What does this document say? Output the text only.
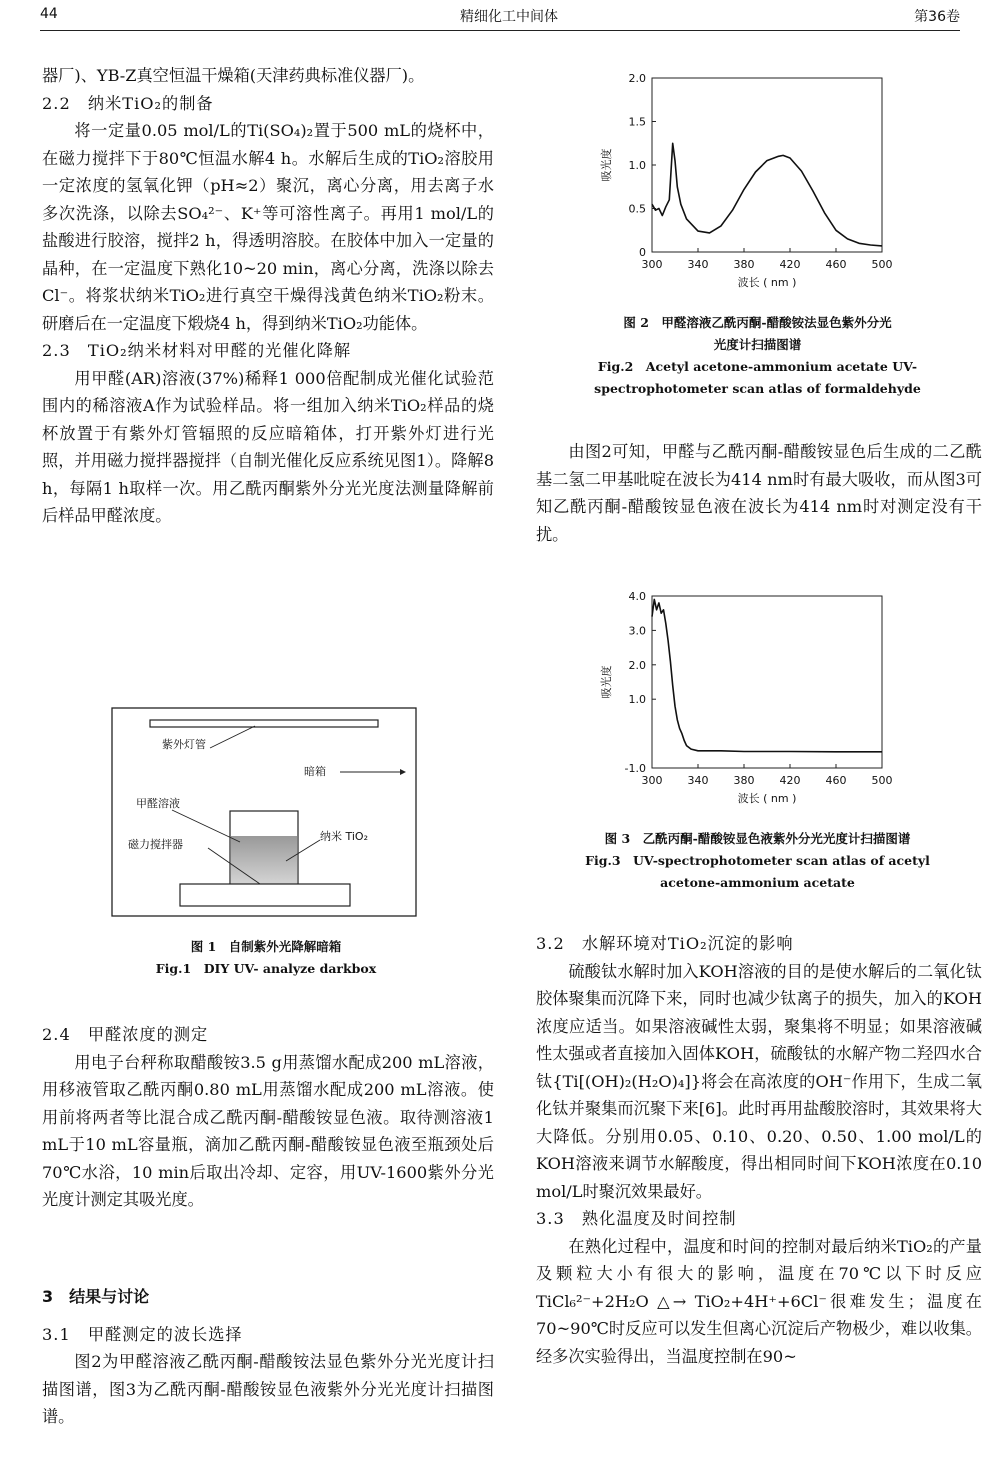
44	精细化工中间体	第36卷

器厂)、YB-Z真空恒温干燥箱(天津药典标准仪器厂)。

2.2　纳米TiO₂的制备

将一定量0.05 mol/L的Ti(SO₄)₂置于500 mL的烧杯中，在磁力搅拌下于80℃恒温水解4 h。水解后生成的TiO₂溶胶用一定浓度的氢氧化钾（pH≈2）聚沉，离心分离，用去离子水多次洗涤，以除去SO₄²⁻、K⁺等可溶性离子。再用1 mol/L的盐酸进行胶溶，搅拌2 h，得透明溶胶。在胶体中加入一定量的晶种，在一定温度下熟化10~20 min，离心分离，洗涤以除去Cl⁻。将浆状纳米TiO₂进行真空干燥得浅黄色纳米TiO₂粉末。研磨后在一定温度下煅烧4 h，得到纳米TiO₂功能体。

2.3　TiO₂纳米材料对甲醛的光催化降解

用甲醛(AR)溶液(37%)稀释1 000倍配制成光催化试验范围内的稀溶液A作为试验样品。将一组加入纳米TiO₂样品的烧杯放置于有紫外灯管辐照的反应暗箱体，打开紫外灯进行光照，并用磁力搅拌器搅拌（自制光催化反应系统见图1）。降解8 h，每隔1 h取样一次。用乙酰丙酮紫外分光光度法测量降解前后样品甲醛浓度。

紫外灯管
暗箱
甲醛溶液
磁力搅拌器
纳米 TiO₂
图 1　自制紫外光降解暗箱
Fig.1　DIY UV- analyze darkbox

2.4　甲醛浓度的测定

用电子台秤称取醋酸铵3.5 g用蒸馏水配成200 mL溶液，用移液管取乙酰丙酮0.80 mL用蒸馏水配成200 mL溶液。使用前将两者等比混合成乙酰丙酮-醋酸铵显色液。取待测溶液1 mL于10 mL容量瓶，滴加乙酰丙酮-醋酸铵显色液至瓶颈处后70℃水浴，10 min后取出冷却、定容，用UV-1600紫外分光光度计测定其吸光度。

3　结果与讨论

3.1　甲醛测定的波长选择

图2为甲醛溶液乙酰丙酮-醋酸铵法显色紫外分光光度计扫描图谱，图3为乙酰丙酮-醋酸铵显色液紫外分光光度计扫描图谱。

300 340 380 420 460 500
0
0.5
1.0
1.5
2.0
波长 ( nm )
吸光度
图 2　甲醛溶液乙酰丙酮-醋酸铵法显色紫外分光
光度计扫描图谱
Fig.2　Acetyl acetone-ammonium acetate UV-
spectrophotometer scan atlas of formaldehyde

由图2可知，甲醛与乙酰丙酮-醋酸铵显色后生成的二乙酰基二氢二甲基吡啶在波长为414 nm时有最大吸收，而从图3可知乙酰丙酮-醋酸铵显色液在波长为414 nm时对测定没有干扰。

300 340 380 420 460 500
-1.0
1.0
2.0
3.0
4.0
波长 ( nm )
吸光度
图 3　乙酰丙酮-醋酸铵显色液紫外分光光度计扫描图谱
Fig.3　UV-spectrophotometer scan atlas of acetyl
acetone-ammonium acetate

3.2　水解环境对TiO₂沉淀的影响

硫酸钛水解时加入KOH溶液的目的是使水解后的二氧化钛胶体聚集而沉降下来，同时也减少钛离子的损失，加入的KOH浓度应适当。如果溶液碱性太弱，聚集将不明显；如果溶液碱性太强或者直接加入固体KOH，硫酸钛的水解产物二羟四水合钛{Ti[(OH)₂(H₂O)₄]}将会在高浓度的OH⁻作用下，生成二氧化钛并聚集而沉聚下来[6]。此时再用盐酸胶溶时，其效果将大大降低。分别用0.05、0.10、0.20、0.50、1.00 mol/L的KOH溶液来调节水解酸度，得出相同时间下KOH浓度在0.10 mol/L时聚沉效果最好。

3.3　熟化温度及时间控制

在熟化过程中，温度和时间的控制对最后纳米TiO₂的产量及颗粒大小有很大的影响，温度在70℃以下时反应TiCl₆²⁻+2H₂O △→ TiO₂+4H⁺+6Cl⁻很难发生；温度在70~90℃时反应可以发生但离心沉淀后产物极少，难以收集。经多次实验得出，当温度控制在90~
